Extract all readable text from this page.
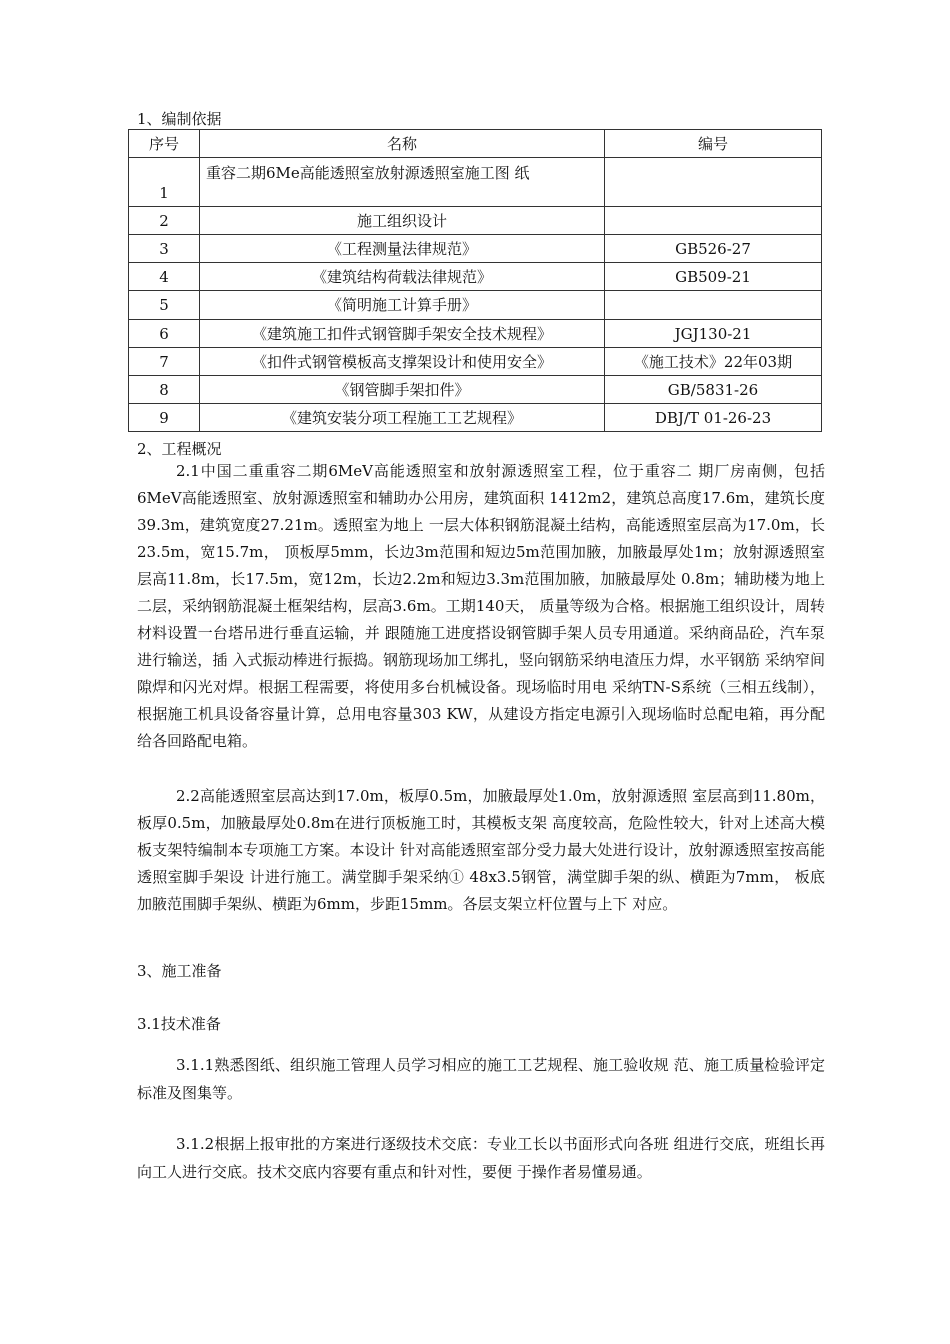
1、编制依据
序号	名称	编号
1	重容二期6Me高能透照室放射源透照室施工图 纸	
2	施工组织设计	
3	《工程测量法律规范》	GB526-27
4	《建筑结构荷载法律规范》	GB509-21
5	《简明施工计算手册》	
6	《建筑施工扣件式钢管脚手架安全技术规程》	JGJ130-21
7	《扣件式钢管模板高支撑架设计和使用安全》	《施工技术》22年03期
8	《钢管脚手架扣件》	GB/5831-26
9	《建筑安装分项工程施工工艺规程》	DBJ/T 01-26-23
2、工程概况
2.1中国二重重容二期6MeV高能透照室和放射源透照室工程，位于重容二 期厂房南侧，包括6MeV高能透照室、放射源透照室和辅助办公用房，建筑面积 1412m2，建筑总高度17.6m，建筑长度39.3m，建筑宽度27.21m。透照室为地上 一层大体积钢筋混凝土结构，高能透照室层高为17.0m，长23.5m，宽15.7m， 顶板厚5mm，长边3m范围和短边5m范围加腋，加腋最厚处1m；放射源透照室 层高11.8m，长17.5m，宽12m，长边2.2m和短边3.3m范围加腋，加腋最厚处 0.8m；辅助楼为地上二层，采纳钢筋混凝土框架结构，层高3.6m。工期140天， 质量等级为合格。根据施工组织设计，周转材料设置一台塔吊进行垂直运输，并 跟随施工进度搭设钢管脚手架人员专用通道。采纳商品砼，汽车泵进行输送，插 入式振动棒进行振捣。钢筋现场加工绑扎，竖向钢筋采纳电渣压力焊，水平钢筋 采纳窄间隙焊和闪光对焊。根据工程需要，将使用多台机械设备。现场临时用电 采纳TN-S系统（三相五线制），根据施工机具设备容量计算，总用电容量303 KW，从建设方指定电源引入现场临时总配电箱，再分配给各回路配电箱。
2.2高能透照室层高达到17.0m，板厚0.5m，加腋最厚处1.0m，放射源透照 室层高到11.80m，板厚0.5m，加腋最厚处0.8m在进行顶板施工时，其模板支架 高度较高，危险性较大，针对上述高大模板支架特编制本专项施工方案。本设计 针对高能透照室部分受力最大处进行设计，放射源透照室按高能透照室脚手架设 计进行施工。满堂脚手架采纳① 48x3.5钢管，满堂脚手架的纵、横距为7mm， 板底加腋范围脚手架纵、横距为6mm，步距15mm。各层支架立杆位置与上下 对应。
3、施工准备
3.1技术准备
3.1.1熟悉图纸、组织施工管理人员学习相应的施工工艺规程、施工验收规 范、施工质量检验评定标准及图集等。
3.1.2根据上报审批的方案进行逐级技术交底：专业工长以书面形式向各班 组进行交底，班组长再向工人进行交底。技术交底内容要有重点和针对性，要便 于操作者易懂易通。
